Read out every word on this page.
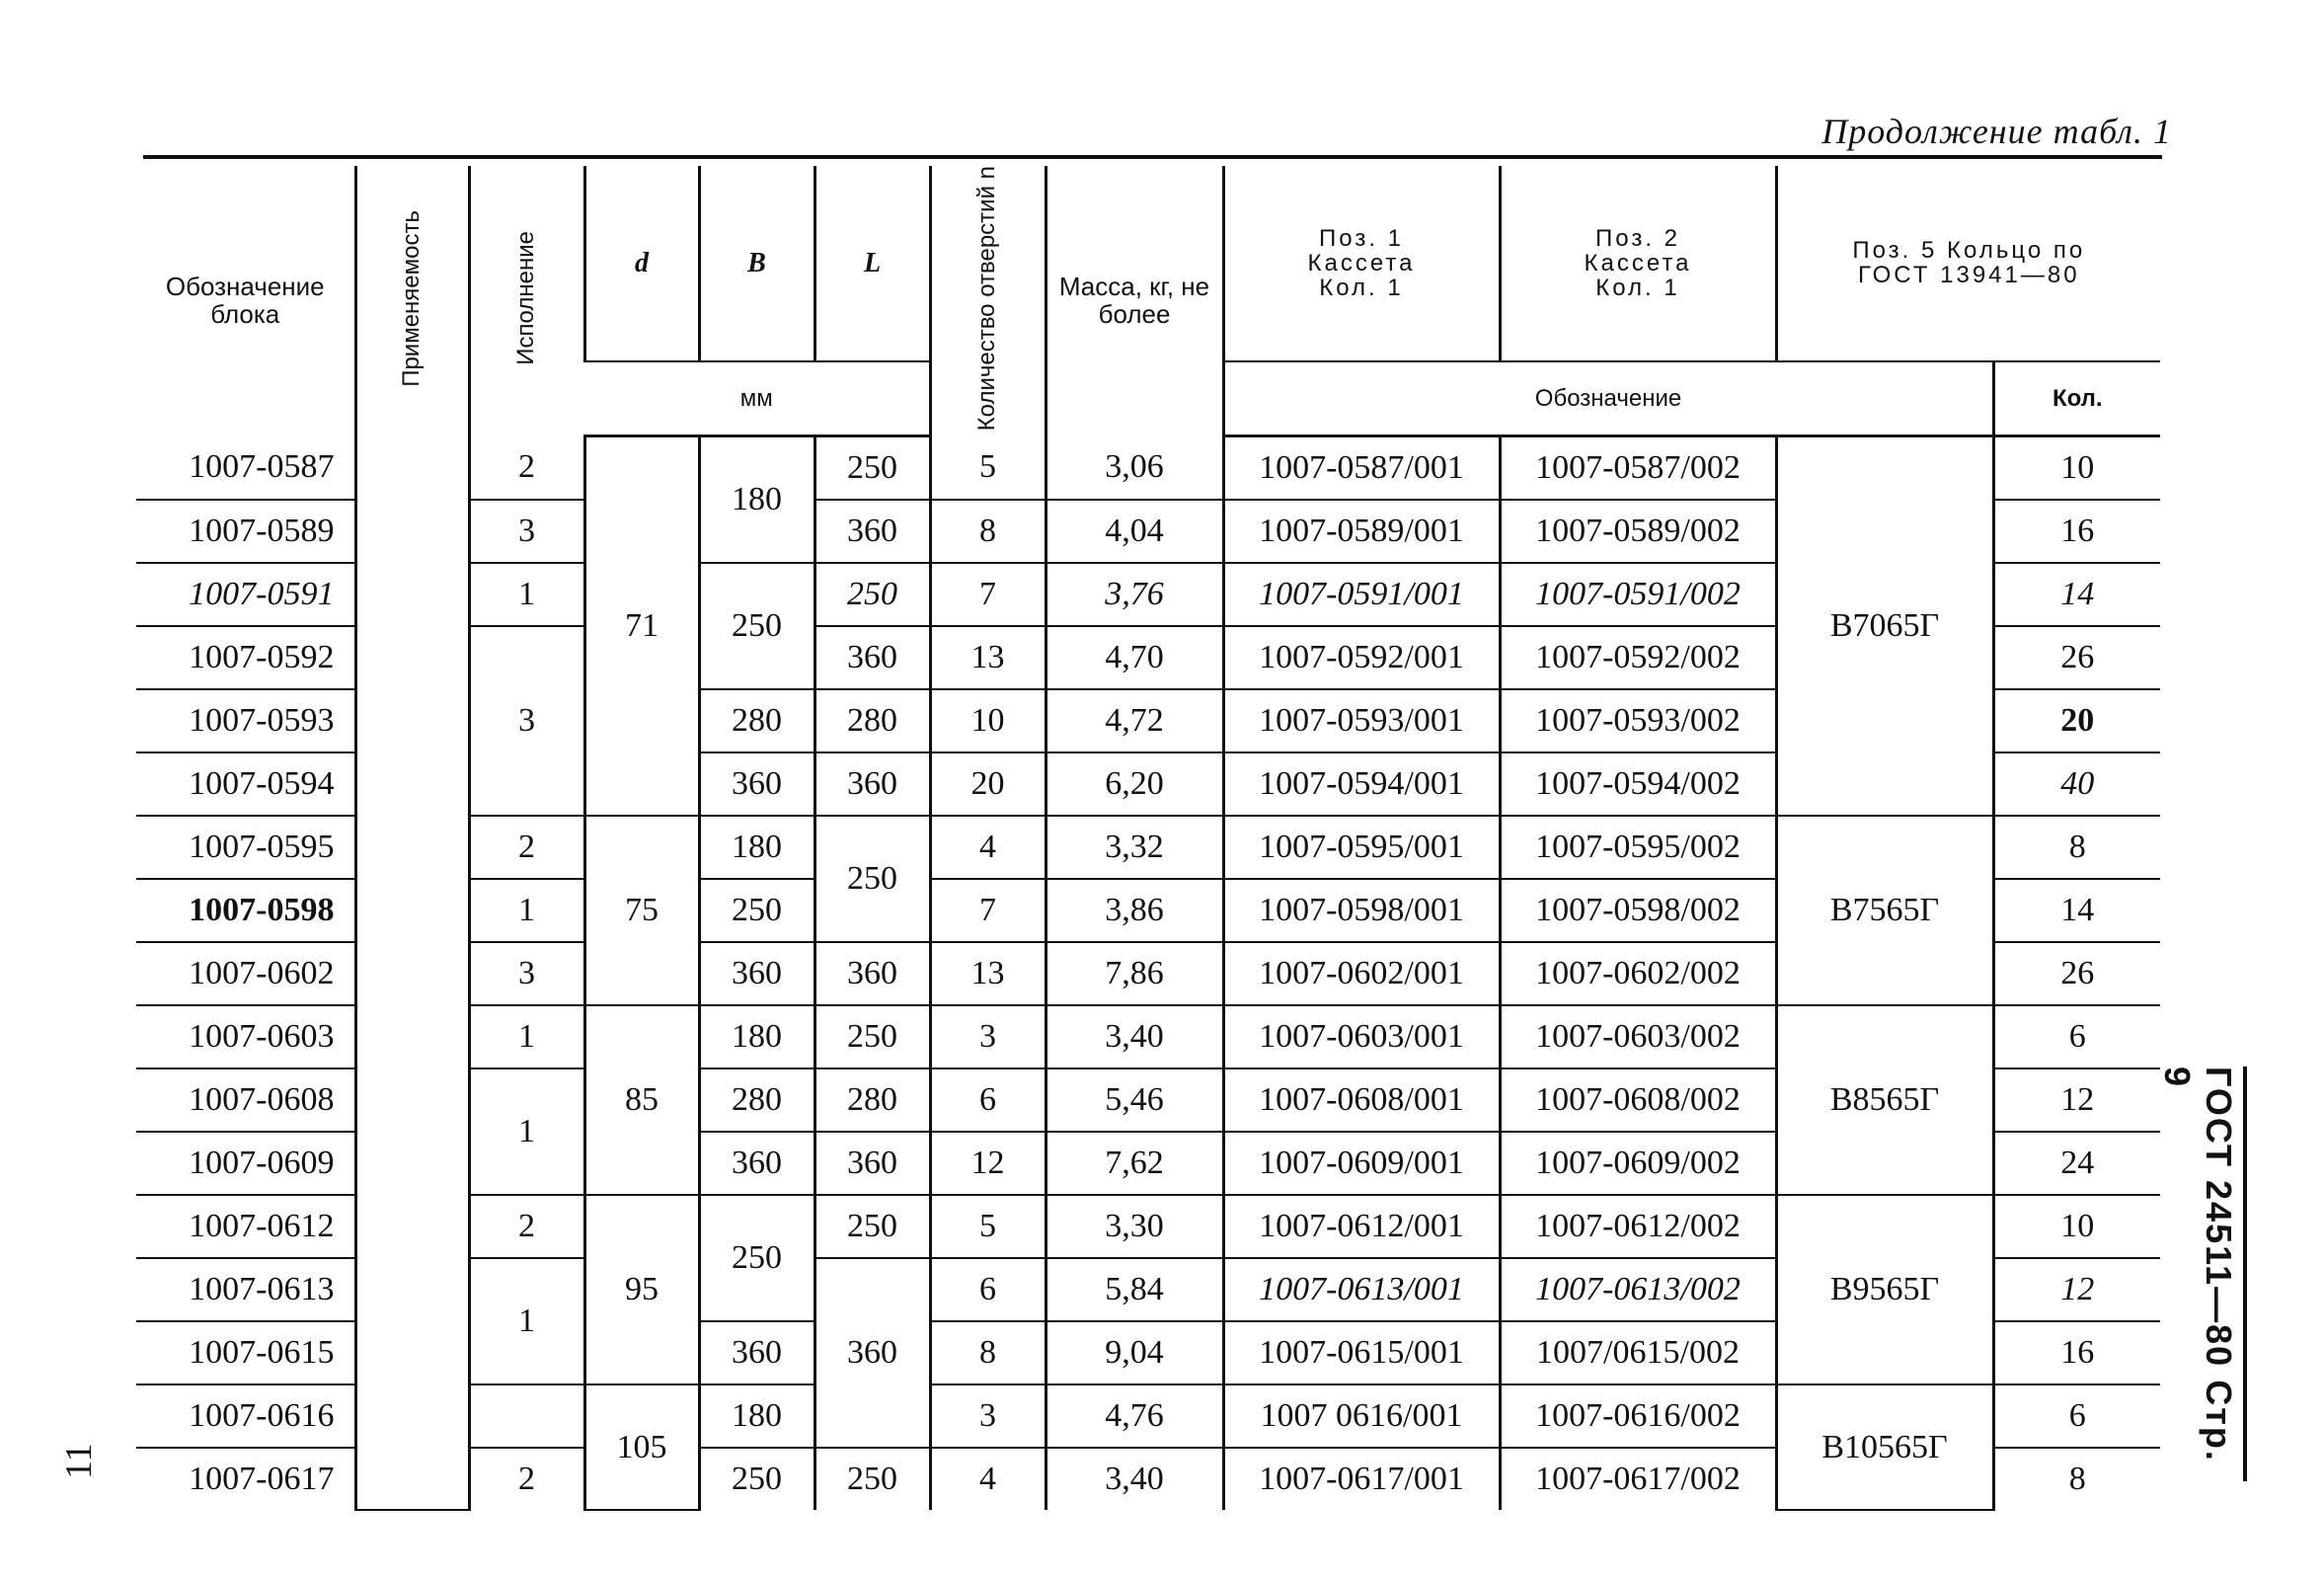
Продолжение табл. 1
Обозначение блока	Применяемость	Исполнение	d	B	L	Количество отверстий n	Масса, кг, не более	Поз. 1 Кассета Кол. 1	Поз. 2 Кассета Кол. 1	Поз. 5 Кольцо по ГОСТ 13941—80	
			мм					Обозначение			Кол.
1007-0587		2	71	180	250	5	3,06	1007-0587/001	1007-0587/002	В7065Г	10
1007-0589		3			360	8	4,04	1007-0589/001	1007-0589/002		16
1007-0591		1		250	250	7	3,76	1007-0591/001	1007-0591/002		14
1007-0592		3			360	13	4,70	1007-0592/001	1007-0592/002		26
1007-0593				280	280	10	4,72	1007-0593/001	1007-0593/002		20
1007-0594				360	360	20	6,20	1007-0594/001	1007-0594/002		40
1007-0595		2	75	180	250	4	3,32	1007-0595/001	1007-0595/002	В7565Г	8
1007-0598		1		250		7	3,86	1007-0598/001	1007-0598/002		14
1007-0602		3		360	360	13	7,86	1007-0602/001	1007-0602/002		26
1007-0603		1	85	180	250	3	3,40	1007-0603/001	1007-0603/002	В8565Г	6
1007-0608		1		280	280	6	5,46	1007-0608/001	1007-0608/002		12
1007-0609				360	360	12	7,62	1007-0609/001	1007-0609/002		24
1007-0612		2	95	250	250	5	3,30	1007-0612/001	1007-0612/002	В9565Г	10
1007-0613		1			360	6	5,84	1007-0613/001	1007-0613/002		12
1007-0615				360		8	9,04	1007-0615/001	1007/0615/002		16
1007-0616			105	180		3	4,76	1007 0616/001	1007-0616/002	В10565Г	6
1007-0617		2		250	250	4	3,40	1007-0617/001	1007-0617/002		8
ГОСТ 24511—80 Стр. 9
11
